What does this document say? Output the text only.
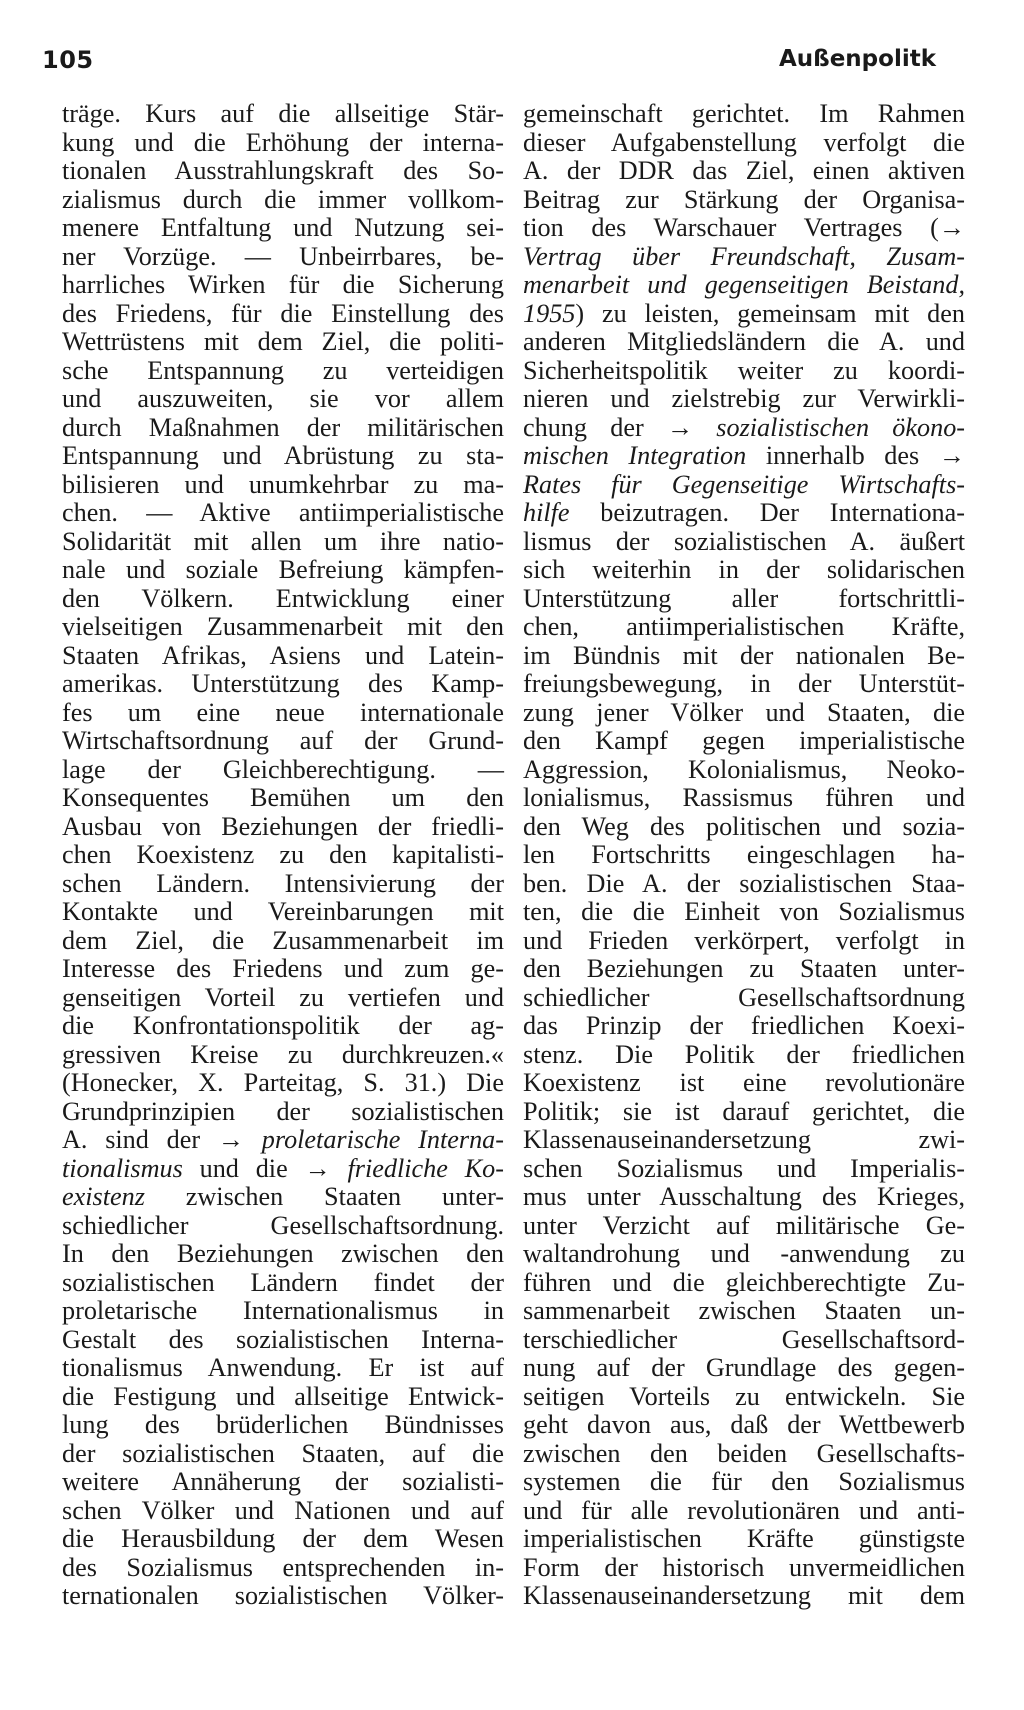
105	Außenpolitk
träge. Kurs auf die allseitige Stär-
kung und die Erhöhung der interna-
tionalen Ausstrahlungskraft des So-
zialismus durch die immer vollkom-
menere Entfaltung und Nutzung sei-
ner Vorzüge. — Unbeirrbares, be-
harrliches Wirken für die Sicherung
des Friedens, für die Einstellung des
Wettrüstens mit dem Ziel, die politi-
sche Entspannung zu verteidigen
und auszuweiten, sie vor allem
durch Maßnahmen der militärischen
Entspannung und Abrüstung zu sta-
bilisieren und unumkehrbar zu ma-
chen. — Aktive antiimperialistische
Solidarität mit allen um ihre natio-
nale und soziale Befreiung kämpfen-
den Völkern. Entwicklung einer
vielseitigen Zusammenarbeit mit den
Staaten Afrikas, Asiens und Latein-
amerikas. Unterstützung des Kamp-
fes um eine neue internationale
Wirtschaftsordnung auf der Grund-
lage der Gleichberechtigung. —
Konsequentes Bemühen um den
Ausbau von Beziehungen der friedli-
chen Koexistenz zu den kapitalisti-
schen Ländern. Intensivierung der
Kontakte und Vereinbarungen mit
dem Ziel, die Zusammenarbeit im
Interesse des Friedens und zum ge-
genseitigen Vorteil zu vertiefen und
die Konfrontationspolitik der ag-
gressiven Kreise zu durchkreuzen.«
(Honecker, X. Parteitag, S. 31.) Die
Grundprinzipien der sozialistischen
A. sind der → proletarische Interna-
tionalismus und die → friedliche Ko-
existenz zwischen Staaten unter-
schiedlicher Gesellschaftsordnung.
In den Beziehungen zwischen den
sozialistischen Ländern findet der
proletarische Internationalismus in
Gestalt des sozialistischen Interna-
tionalismus Anwendung. Er ist auf
die Festigung und allseitige Entwick-
lung des brüderlichen Bündnisses
der sozialistischen Staaten, auf die
weitere Annäherung der sozialisti-
schen Völker und Nationen und auf
die Herausbildung der dem Wesen
des Sozialismus entsprechenden in-
ternationalen sozialistischen Völker-
gemeinschaft gerichtet. Im Rahmen
dieser Aufgabenstellung verfolgt die
A. der DDR das Ziel, einen aktiven
Beitrag zur Stärkung der Organisa-
tion des Warschauer Vertrages (→
Vertrag über Freundschaft, Zusam-
menarbeit und gegenseitigen Beistand,
1955) zu leisten, gemeinsam mit den
anderen Mitgliedsländern die A. und
Sicherheitspolitik weiter zu koordi-
nieren und zielstrebig zur Verwirkli-
chung der → sozialistischen ökono-
mischen Integration innerhalb des →
Rates für Gegenseitige Wirtschafts-
hilfe beizutragen. Der Internationa-
lismus der sozialistischen A. äußert
sich weiterhin in der solidarischen
Unterstützung aller fortschrittli-
chen, antiimperialistischen Kräfte,
im Bündnis mit der nationalen Be-
freiungsbewegung, in der Unterstüt-
zung jener Völker und Staaten, die
den Kampf gegen imperialistische
Aggression, Kolonialismus, Neoko-
lonialismus, Rassismus führen und
den Weg des politischen und sozia-
len Fortschritts eingeschlagen ha-
ben. Die A. der sozialistischen Staa-
ten, die die Einheit von Sozialismus
und Frieden verkörpert, verfolgt in
den Beziehungen zu Staaten unter-
schiedlicher Gesellschaftsordnung
das Prinzip der friedlichen Koexi-
stenz. Die Politik der friedlichen
Koexistenz ist eine revolutionäre
Politik; sie ist darauf gerichtet, die
Klassenauseinandersetzung zwi-
schen Sozialismus und Imperialis-
mus unter Ausschaltung des Krieges,
unter Verzicht auf militärische Ge-
waltandrohung und -anwendung zu
führen und die gleichberechtigte Zu-
sammenarbeit zwischen Staaten un-
terschiedlicher Gesellschaftsord-
nung auf der Grundlage des gegen-
seitigen Vorteils zu entwickeln. Sie
geht davon aus, daß der Wettbewerb
zwischen den beiden Gesellschafts-
systemen die für den Sozialismus
und für alle revolutionären und anti-
imperialistischen Kräfte günstigste
Form der historisch unvermeidlichen
Klassenauseinandersetzung mit dem
